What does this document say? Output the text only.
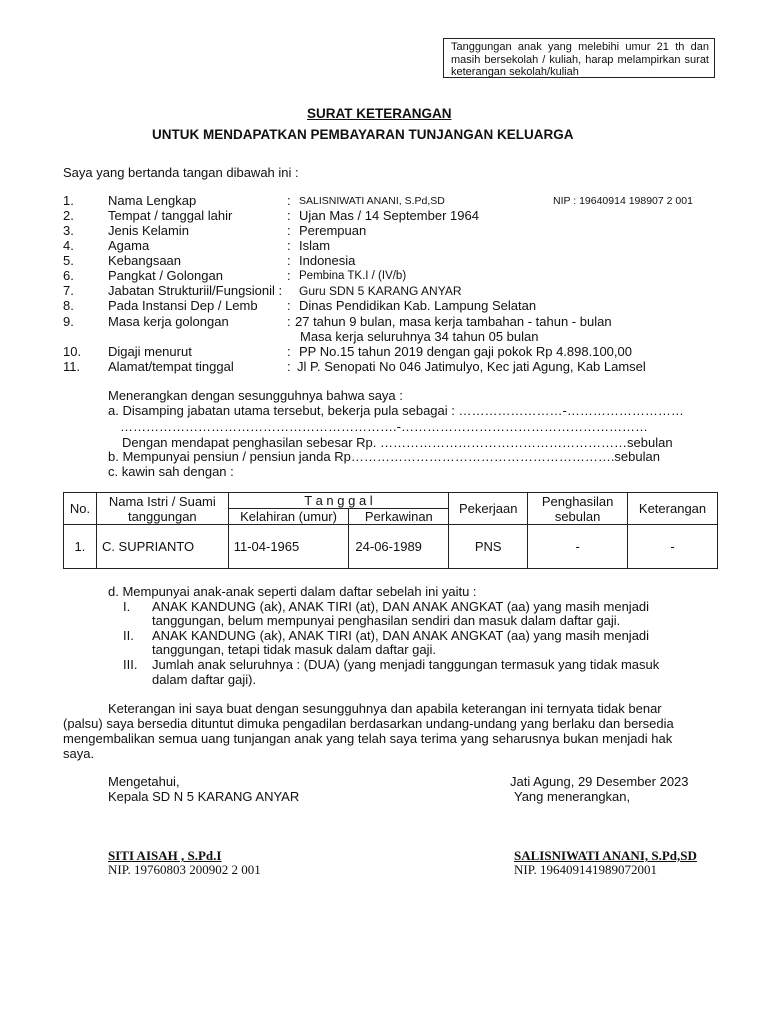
Tanggungan anak yang melebihi umur 21 th dan masih bersekolah / kuliah, harap melampirkan surat keterangan sekolah/kuliah
SURAT KETERANGAN
UNTUK MENDAPATKAN PEMBAYARAN TUNJANGAN KELUARGA
Saya yang bertanda tangan dibawah ini :
1.	Nama Lengkap	: SALISNIWATI ANANI, S.Pd,SD	NIP : 19640914 198907 2 001
2.	Tempat / tanggal lahir	: Ujan Mas / 14 September 1964
3.	Jenis Kelamin	: Perempuan
4.	Agama	: Islam
5.	Kebangsaan	: Indonesia
6.	Pangkat / Golongan	: Pembina TK.I / (IV/b)
7.	Jabatan Strukturiil/Fungsionil : Guru SDN 5 KARANG ANYAR
8.	Pada Instansi Dep / Lemb : Dinas Pendidikan Kab. Lampung Selatan
9.	Masa kerja golongan	: 27 tahun 9 bulan, masa kerja tambahan - tahun - bulan
Masa kerja seluruhnya 34 tahun 05 bulan
10. Digaji menurut	: PP No.15 tahun 2019 dengan gaji pokok Rp 4.898.100,00
11. Alamat/tempat tinggal	: Jl P. Senopati No 046 Jatimulyo, Kec jati Agung, Kab Lamsel
Menerangkan dengan sesungguhnya bahwa saya :
a. Disamping jabatan utama tersebut, bekerja pula sebagai : ……………………-………………………
……………………………………………………….-…………………………………………………
Dengan mendapat penghasilan sebesar Rp. …………………………………………………sebulan
b. Mempunyai pensiun / pensiun janda Rp…………………………………………………….sebulan
c. kawin sah dengan :
No.	Nama Istri / Suami tanggungan	T a n g g a l		Pekerjaan	Penghasilan sebulan	Keterangan
		Kelahiran (umur)	Perkawinan			
1.	C. SUPRIANTO	11-04-1965	24-06-1989	PNS	-	-
d. Mempunyai anak-anak seperti dalam daftar sebelah ini yaitu :
I. ANAK KANDUNG (ak), ANAK TIRI (at), DAN ANAK ANGKAT (aa) yang masih menjadi
tanggungan, belum mempunyai penghasilan sendiri dan masuk dalam daftar gaji.
II. ANAK KANDUNG (ak), ANAK TIRI (at), DAN ANAK ANGKAT (aa) yang masih menjadi
tanggungan, tetapi tidak masuk dalam daftar gaji.
III. Jumlah anak seluruhnya : (DUA) (yang menjadi tanggungan termasuk yang tidak masuk
dalam daftar gaji).
Keterangan ini saya buat dengan sesungguhnya dan apabila keterangan ini ternyata tidak benar
(palsu) saya bersedia dituntut dimuka pengadilan berdasarkan undang-undang yang berlaku dan bersedia
mengembalikan semua uang tunjangan anak yang telah saya terima yang seharusnya bukan menjadi hak
saya.
Mengetahui,
Kepala SD N 5 KARANG ANYAR
Jati Agung, 29 Desember 2023
Yang menerangkan,
SITI AISAH , S.Pd.I
NIP. 19760803 200902 2 001
SALISNIWATI ANANI, S.Pd,SD
NIP. 196409141989072001
